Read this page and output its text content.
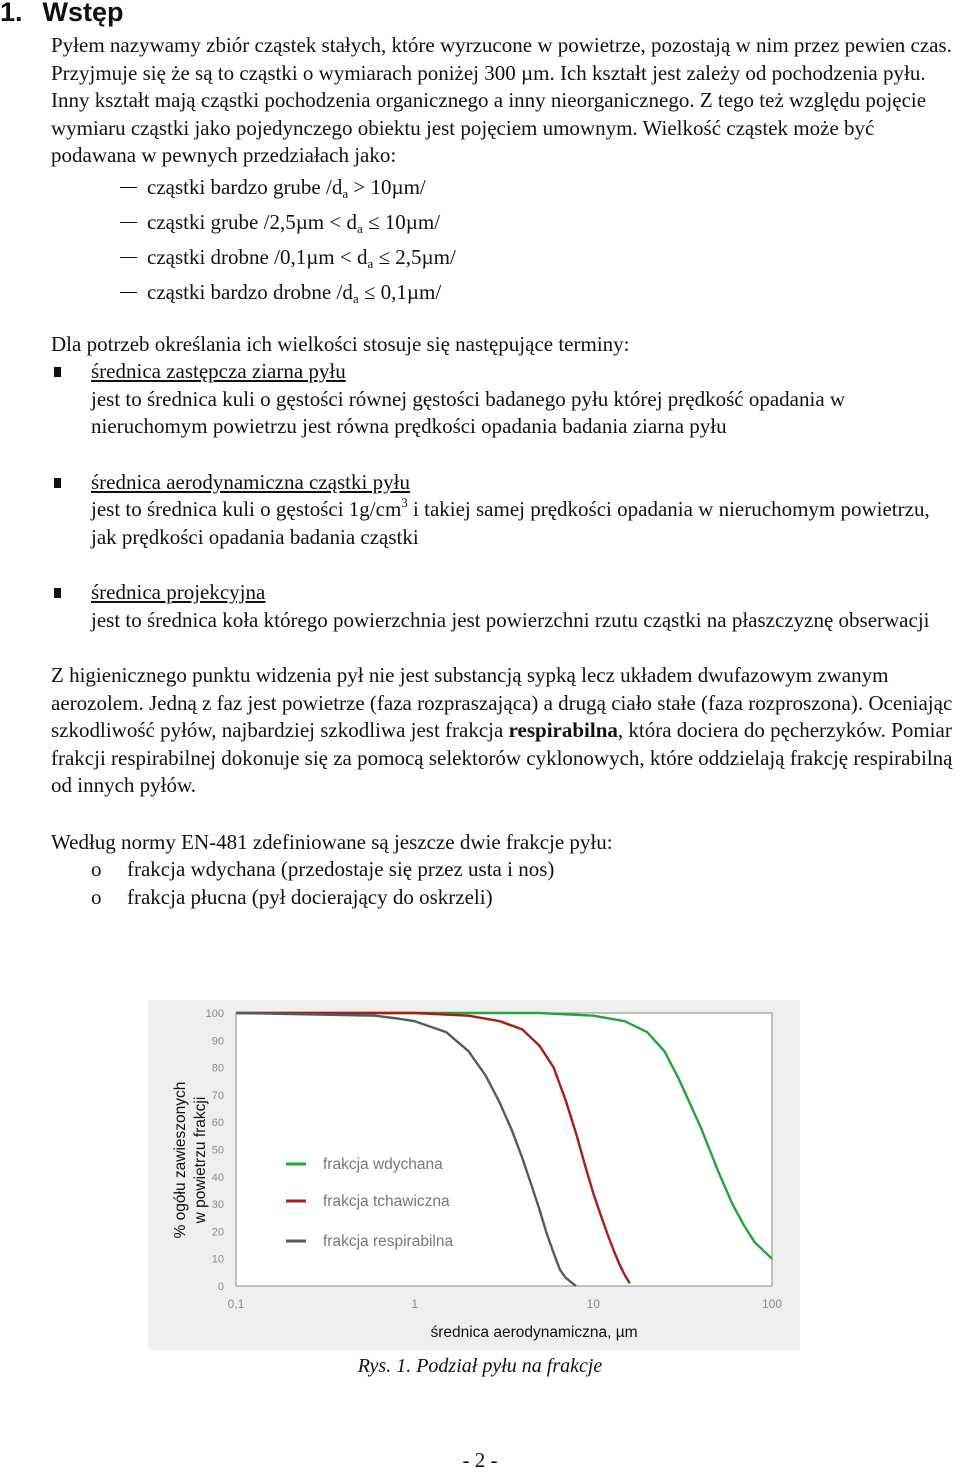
1. Wstęp

Pyłem nazywamy zbiór cząstek stałych, które wyrzucone w powietrze, pozostają w nim przez pewien czas. Przyjmuje się że są to cząstki o wymiarach poniżej 300 µm. Ich kształt jest zależy od pochodzenia pyłu. Inny kształt mają cząstki pochodzenia organicznego a inny nieorganicznego. Z tego też względu pojęcie wymiaru cząstki jako pojedynczego obiektu jest pojęciem umownym. Wielkość cząstek może być podawana w pewnych przedziałach jako:

cząstki bardzo grube $/d_a > 10\mu m/$
cząstki grube $/2,5\mu m < d_a \le 10\mu m/$
cząstki drobne $/0,1\mu m < d_a \le 2,5\mu m/$
cząstki bardzo drobne $/d_a \le 0,1\mu m/$

Dla potrzeb określania ich wielkości stosuje się następujące terminy:

średnica zastępcza ziarna pyłu

jest to średnica kuli o gęstości równej gęstości badanego pyłu której prędkość opadania w nieruchomym powietrzu jest równa prędkości opadania badania ziarna pyłu

średnica aerodynamiczna cząstki pyłu

jest to średnica kuli o gęstości $1g/cm^3$ i takiej samej prędkości opadania w nieruchomym powietrzu, jak prędkości opadania badania cząstki

średnica projekcyjna

jest to średnica koła którego powierzchnia jest powierzchni rzutu cząstki na płaszczyznę obserwacji

Z higienicznego punktu widzenia pył nie jest substancją sypką lecz układem dwufazowym zwanym aerozolem. Jedną z faz jest powietrze (faza rozpraszająca) a drugą ciało stałe (faza rozproszona). Oceniając szkodliwość pyłów, najbardziej szkodliwa jest frakcja respirabilna, która dociera do pęcherzyków. Pomiar frakcji respirabilnej dokonuje się za pomocą selektorów cyklonowych, które oddzielają frakcję respirabilną od innych pyłów.

Według normy EN-481 zdefiniowane są jeszcze dwie frakcje pyłu:

o frakcja wdychana (przedostaje się przez usta i nos)
o frakcja płucna (pył docierający do oskrzeli)
0
10
20
30
40
50
60
70
80
90
100
0,1	1	10	100
średnica aerodynamiczna, µm
% ogółu zawieszonych w powietrzu frakcji	frakcja wdychana
frakcja tchawiczna
frakcja respirabilna
Rys. 1. Podział pyłu na frakcje
- 2 -
